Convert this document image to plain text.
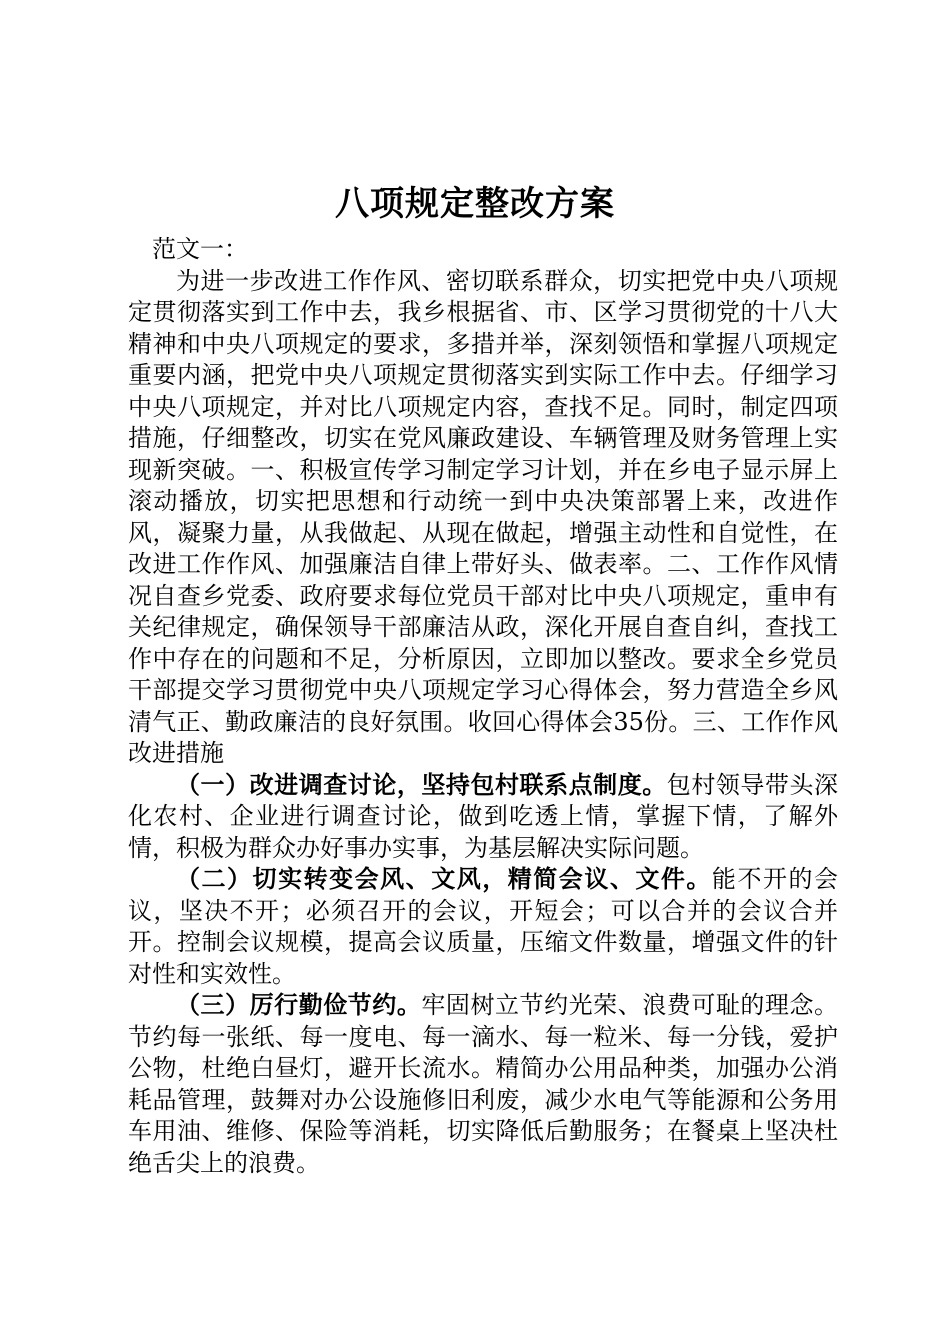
八项规定整改方案

范文一：

为进一步改进工作作风、密切联系群众，切实把党中央八项规定贯彻落实到工作中去，我乡根据省、市、区学习贯彻党的十八大精神和中央八项规定的要求，多措并举，深刻领悟和掌握八项规定重要内涵，把党中央八项规定贯彻落实到实际工作中去。仔细学习中央八项规定，并对比八项规定内容，查找不足。同时，制定四项措施，仔细整改，切实在党风廉政建设、车辆管理及财务管理上实现新突破。一、积极宣传学习制定学习计划，并在乡电子显示屏上滚动播放，切实把思想和行动统一到中央决策部署上来，改进作风，凝聚力量，从我做起、从现在做起，增强主动性和自觉性，在改进工作作风、加强廉洁自律上带好头、做表率。二、工作作风情况自查乡党委、政府要求每位党员干部对比中央八项规定，重申有关纪律规定，确保领导干部廉洁从政，深化开展自查自纠，查找工作中存在的问题和不足，分析原因，立即加以整改。要求全乡党员干部提交学习贯彻党中央八项规定学习心得体会，努力营造全乡风清气正、勤政廉洁的良好氛围。收回心得体会35份。三、工作作风改进措施

（一）改进调查讨论，坚持包村联系点制度。包村领导带头深化农村、企业进行调查讨论，做到吃透上情，掌握下情，了解外情，积极为群众办好事办实事，为基层解决实际问题。

（二）切实转变会风、文风，精简会议、文件。能不开的会议，坚决不开；必须召开的会议，开短会；可以合并的会议合并开。控制会议规模，提高会议质量，压缩文件数量，增强文件的针对性和实效性。

（三）厉行勤俭节约。牢固树立节约光荣、浪费可耻的理念。节约每一张纸、每一度电、每一滴水、每一粒米、每一分钱，爱护公物，杜绝白昼灯，避开长流水。精简办公用品种类，加强办公消耗品管理，鼓舞对办公设施修旧利废，减少水电气等能源和公务用车用油、维修、保险等消耗，切实降低后勤服务；在餐桌上坚决杜绝舌尖上的浪费。
